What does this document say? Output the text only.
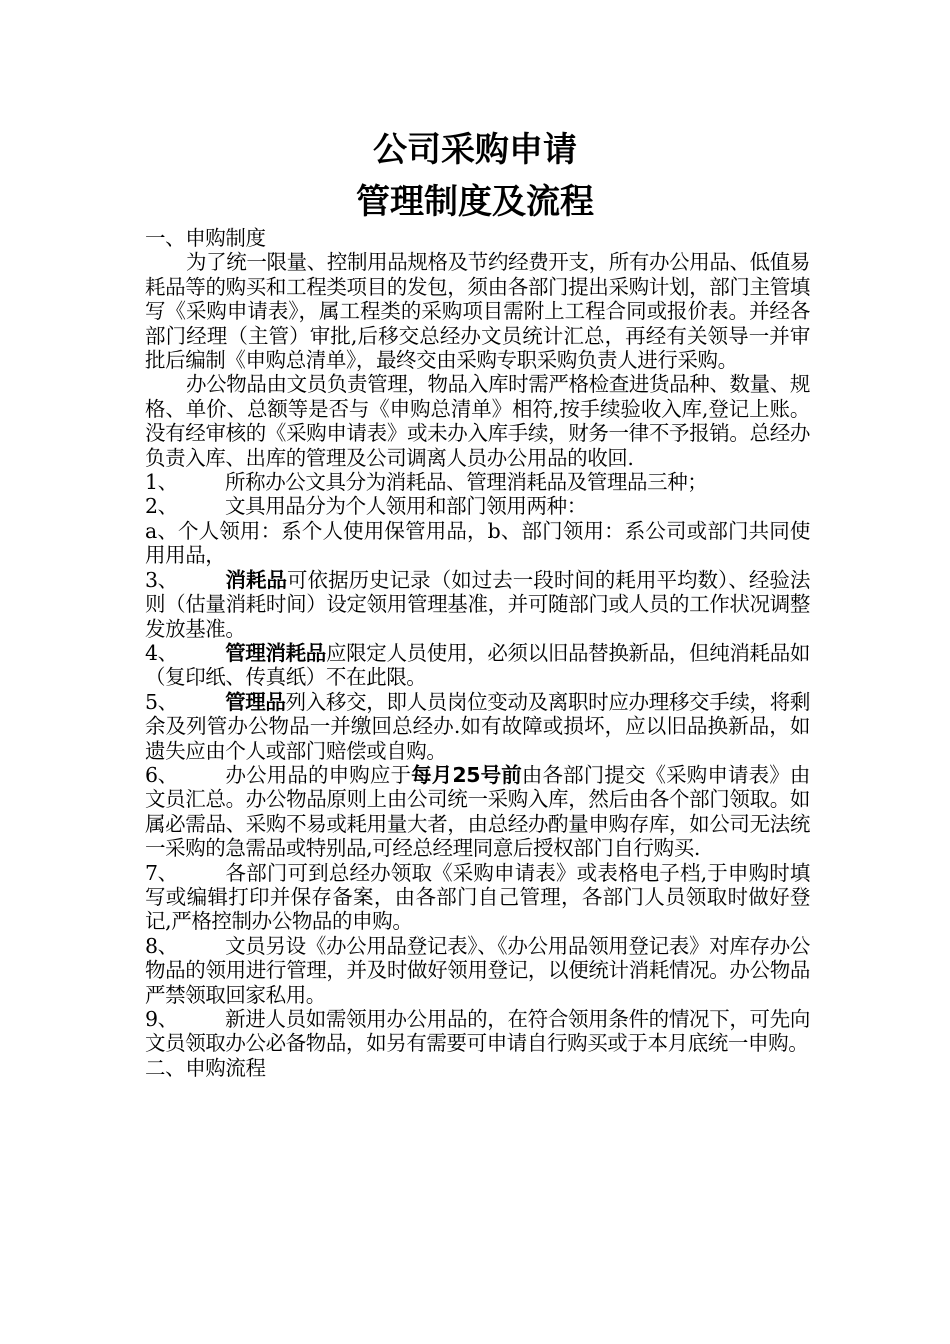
公司采购申请
管理制度及流程

一、申购制度

为了统一限量、控制用品规格及节约经费开支，所有办公用品、低值易耗品等的购买和工程类项目的发包，须由各部门提出采购计划，部门主管填写《采购申请表》，属工程类的采购项目需附上工程合同或报价表。并经各部门经理（主管）审批,后移交总经办文员统计汇总，再经有关领导一并审批后编制《申购总清单》，最终交由采购专职采购负责人进行采购。

办公物品由文员负责管理，物品入库时需严格检查进货品种、数量、规格、单价、总额等是否与《申购总清单》相符,按手续验收入库,登记上账。没有经审核的《采购申请表》或未办入库手续，财务一律不予报销。总经办负责入库、出库的管理及公司调离人员办公用品的收回.

1、 所称办公文具分为消耗品、管理消耗品及管理品三种；

2、 文具用品分为个人领用和部门领用两种：

a、个人领用：系个人使用保管用品，b、部门领用：系公司或部门共同使用用品，

3、 消耗品可依据历史记录（如过去一段时间的耗用平均数）、经验法则（估量消耗时间）设定领用管理基准，并可随部门或人员的工作状况调整发放基准。

4、 管理消耗品应限定人员使用，必须以旧品替换新品，但纯消耗品如（复印纸、传真纸）不在此限。

5、 管理品列入移交，即人员岗位变动及离职时应办理移交手续，将剩余及列管办公物品一并缴回总经办.如有故障或损坏，应以旧品换新品，如遗失应由个人或部门赔偿或自购。

6、 办公用品的申购应于每月25号前由各部门提交《采购申请表》由文员汇总。办公物品原则上由公司统一采购入库，然后由各个部门领取。如属必需品、采购不易或耗用量大者，由总经办酌量申购存库，如公司无法统一采购的急需品或特别品,可经总经理同意后授权部门自行购买.

7、 各部门可到总经办领取《采购申请表》或表格电子档,于申购时填写或编辑打印并保存备案，由各部门自己管理，各部门人员领取时做好登记,严格控制办公物品的申购。

8、 文员另设《办公用品登记表》、《办公用品领用登记表》对库存办公物品的领用进行管理，并及时做好领用登记，以便统计消耗情况。办公物品严禁领取回家私用。

9、 新进人员如需领用办公用品的，在符合领用条件的情况下，可先向文员领取办公必备物品，如另有需要可申请自行购买或于本月底统一申购。

二、申购流程
